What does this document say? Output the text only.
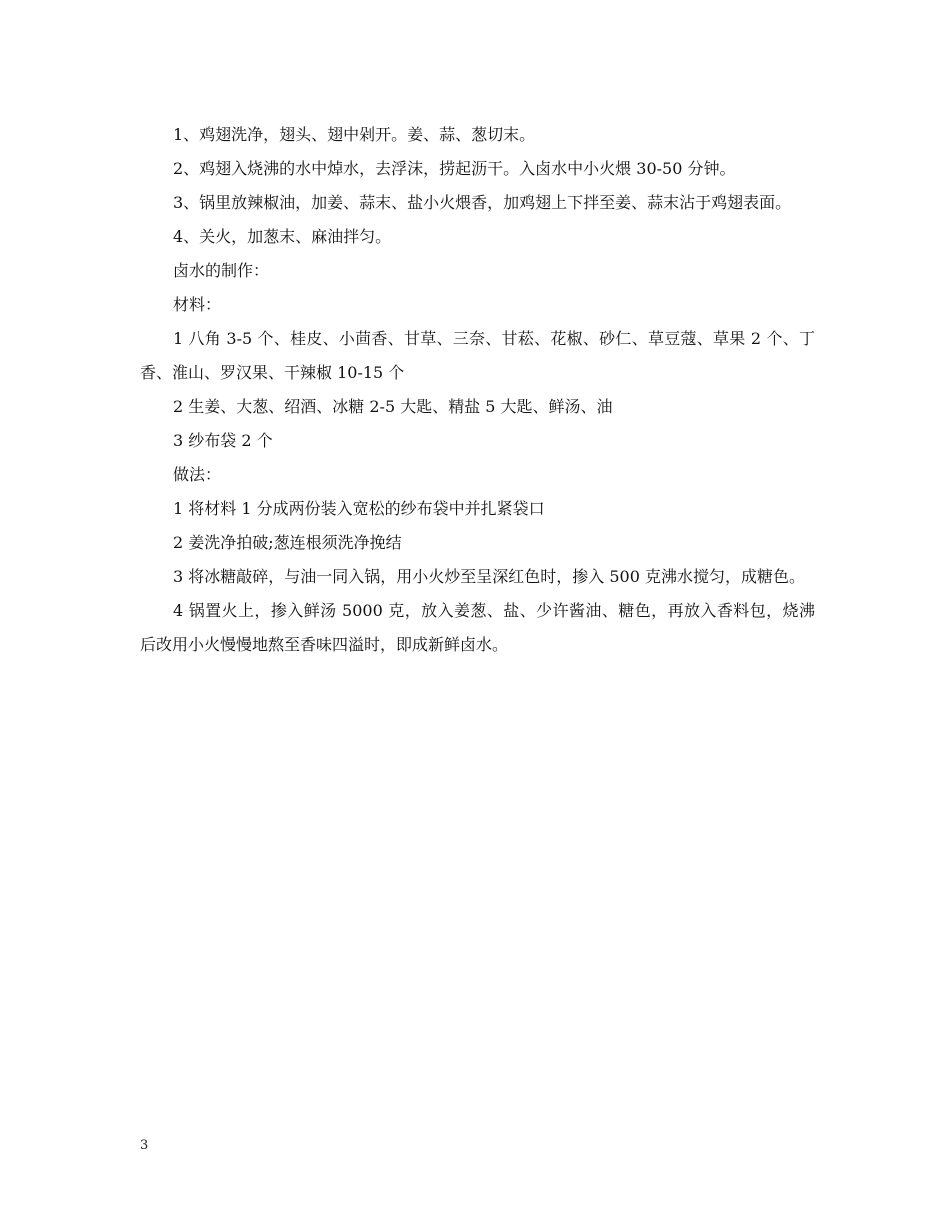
1、鸡翅洗净，翅头、翅中剁开。姜、蒜、葱切末。

2、鸡翅入烧沸的水中焯水，去浮沫，捞起沥干。入卤水中小火煨 30-50 分钟。

3、锅里放辣椒油，加姜、蒜末、盐小火煨香，加鸡翅上下拌至姜、蒜末沾于鸡翅表面。

4、关火，加葱末、麻油拌匀。

卤水的制作：

材料：

1 八角 3-5 个、桂皮、小茴香、甘草、三奈、甘菘、花椒、砂仁、草豆蔻、草果 2 个、丁香、淮山、罗汉果、干辣椒 10-15 个

2 生姜、大葱、绍酒、冰糖 2-5 大匙、精盐 5 大匙、鲜汤、油

3 纱布袋 2 个

做法：

1 将材料 1 分成两份装入宽松的纱布袋中并扎紧袋口

2 姜洗净拍破;葱连根须洗净挽结

3 将冰糖敲碎，与油一同入锅，用小火炒至呈深红色时，掺入 500 克沸水搅匀，成糖色。

4 锅置火上，掺入鲜汤 5000 克，放入姜葱、盐、少许酱油、糖色，再放入香料包，烧沸后改用小火慢慢地熬至香味四溢时，即成新鲜卤水。

3
